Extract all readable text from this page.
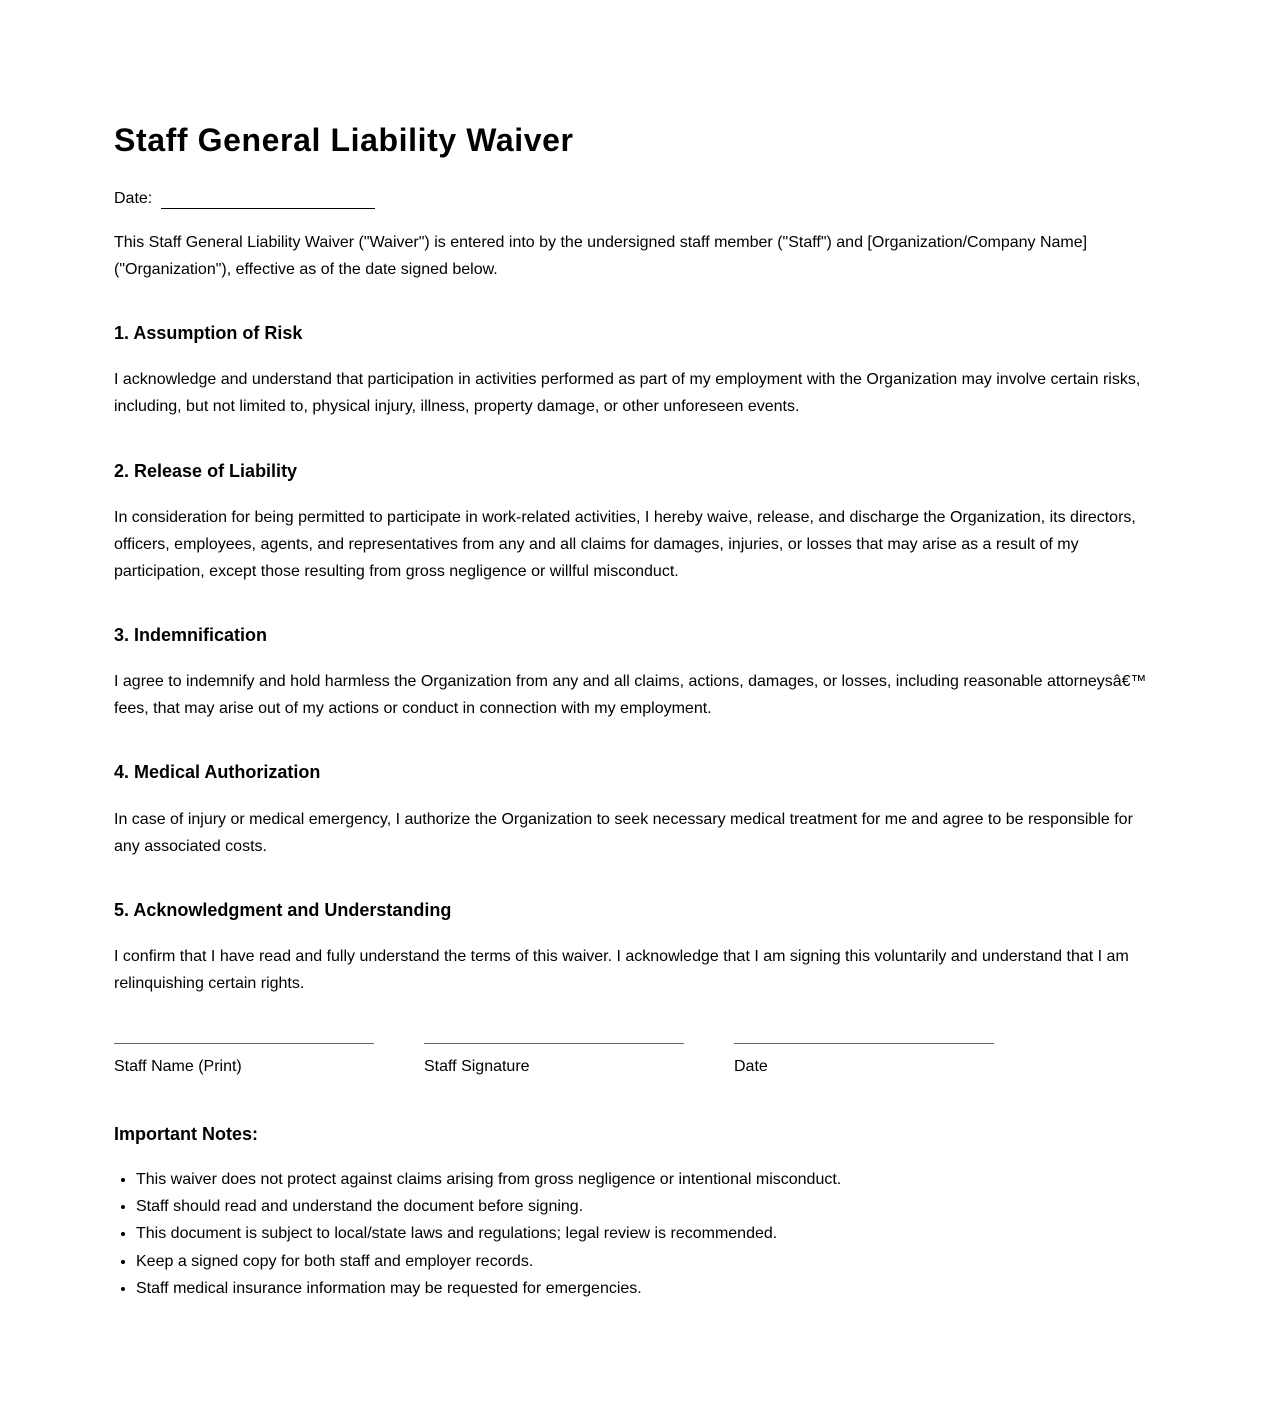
Staff General Liability Waiver
Date:

This Staff General Liability Waiver ("Waiver") is entered into by the undersigned staff member ("Staff") and [Organization/Company Name] ("Organization"), effective as of the date signed below.

1. Assumption of Risk

I acknowledge and understand that participation in activities performed as part of my employment with the Organization may involve certain risks, including, but not limited to, physical injury, illness, property damage, or other unforeseen events.

2. Release of Liability

In consideration for being permitted to participate in work-related activities, I hereby waive, release, and discharge the Organization, its directors, officers, employees, agents, and representatives from any and all claims for damages, injuries, or losses that may arise as a result of my participation, except those resulting from gross negligence or willful misconduct.

3. Indemnification

I agree to indemnify and hold harmless the Organization from any and all claims, actions, damages, or losses, including reasonable attorneysâ€™ fees, that may arise out of my actions or conduct in connection with my employment.

4. Medical Authorization

In case of injury or medical emergency, I authorize the Organization to seek necessary medical treatment for me and agree to be responsible for any associated costs.

5. Acknowledgment and Understanding

I confirm that I have read and fully understand the terms of this waiver. I acknowledge that I am signing this voluntarily and understand that I am relinquishing certain rights.

Staff Name (Print)	Staff Signature	Date
Important Notes:
• This waiver does not protect against claims arising from gross negligence or intentional misconduct.
• Staff should read and understand the document before signing.
• This document is subject to local/state laws and regulations; legal review is recommended.
• Keep a signed copy for both staff and employer records.
• Staff medical insurance information may be requested for emergencies.
